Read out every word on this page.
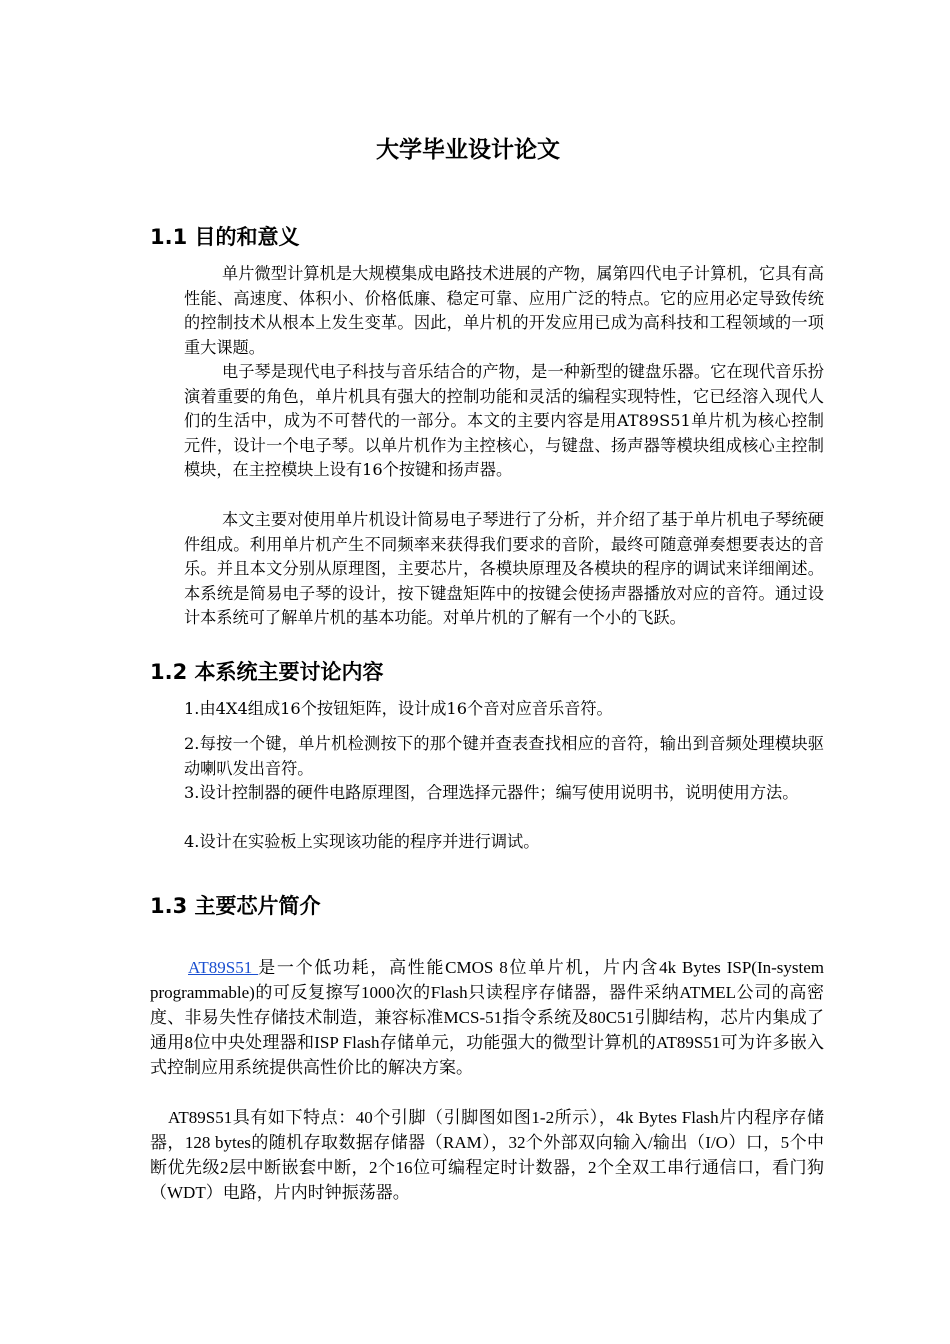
大学毕业设计论文
1.1 目的和意义

单片微型计算机是大规模集成电路技术进展的产物，属第四代电子计算机，它具有高性能、高速度、体积小、价格低廉、稳定可靠、应用广泛的特点。它的应用必定导致传统的控制技术从根本上发生变革。因此，单片机的开发应用已成为高科技和工程领域的一项重大课题。

电子琴是现代电子科技与音乐结合的产物，是一种新型的键盘乐器。它在现代音乐扮演着重要的角色，单片机具有强大的控制功能和灵活的编程实现特性，它已经溶入现代人们的生活中，成为不可替代的一部分。本文的主要内容是用AT89S51单片机为核心控制元件，设计一个电子琴。以单片机作为主控核心，与键盘、扬声器等模块组成核心主控制模块，在主控模块上设有16个按键和扬声器。

本文主要对使用单片机设计简易电子琴进行了分析，并介绍了基于单片机电子琴统硬件组成。利用单片机产生不同频率来获得我们要求的音阶，最终可随意弹奏想要表达的音乐。并且本文分别从原理图，主要芯片，各模块原理及各模块的程序的调试来详细阐述。本系统是简易电子琴的设计，按下键盘矩阵中的按键会使扬声器播放对应的音符。通过设计本系统可了解单片机的基本功能。对单片机的了解有一个小的飞跃。

1.2 本系统主要讨论内容

1.由4X4组成16个按钮矩阵，设计成16个音对应音乐音符。

2.每按一个键，单片机检测按下的那个键并查表查找相应的音符，输出到音频处理模块驱动喇叭发出音符。

3.设计控制器的硬件电路原理图，合理选择元器件；编写使用说明书，说明使用方法。

4.设计在实验板上实现该功能的程序并进行调试。

1.3 主要芯片简介

AT89S51 是一个低功耗，高性能CMOS 8位单片机，片内含4k Bytes ISP(In-system programmable)的可反复擦写1000次的Flash只读程序存储器，器件采纳ATMEL公司的高密度、非易失性存储技术制造，兼容标准MCS-51指令系统及80C51引脚结构，芯片内集成了通用8位中央处理器和ISP Flash存储单元，功能强大的微型计算机的AT89S51可为许多嵌入式控制应用系统提供高性价比的解决方案。

AT89S51具有如下特点：40个引脚（引脚图如图1-2所示），4k Bytes Flash片内程序存储器，128 bytes的随机存取数据存储器（RAM），32个外部双向输入/输出（I/O）口，5个中断优先级2层中断嵌套中断，2个16位可编程定时计数器，2个全双工串行通信口，看门狗（WDT）电路，片内时钟振荡器。
